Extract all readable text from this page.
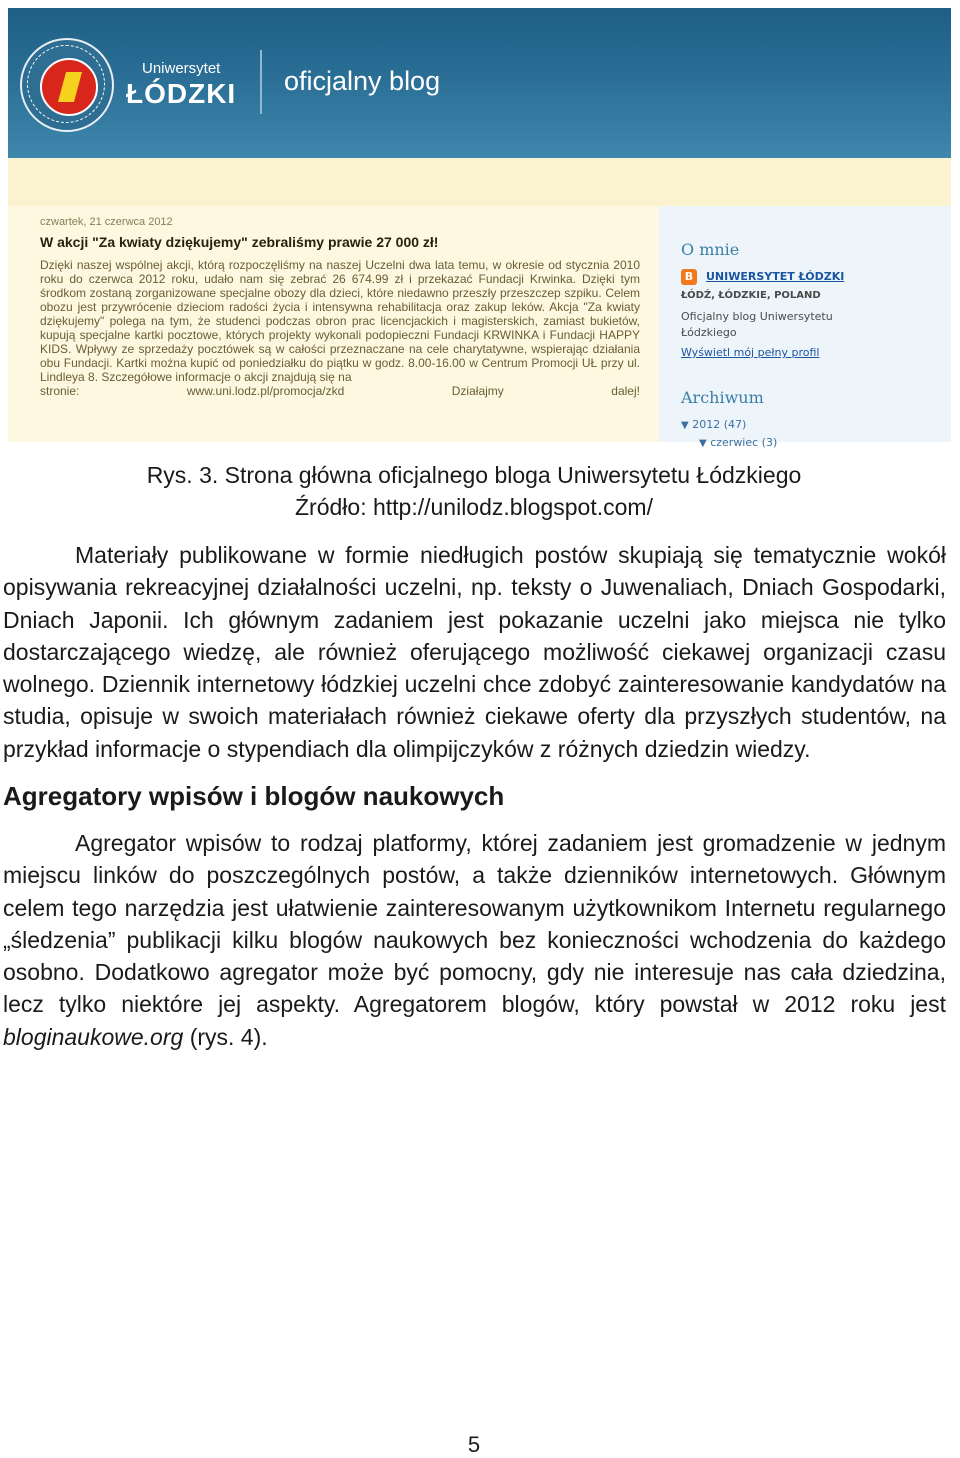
Uniwersytet
ŁÓDZKI oficjalny blog
czwartek, 21 czerwca 2012
W akcji "Za kwiaty dziękujemy" zebraliśmy prawie 27 000 zł!
Dzięki naszej wspólnej akcji, którą rozpoczęliśmy na naszej Uczelni dwa lata temu, w okresie od stycznia 2010 roku do czerwca 2012 roku, udało nam się zebrać 26 674.99 zł i przekazać Fundacji Krwinka. Dzięki tym środkom zostaną zorganizowane specjalne obozy dla dzieci, które niedawno przeszły przeszczep szpiku. Celem obozu jest przywrócenie dzieciom radości życia i intensywna rehabilitacja oraz zakup leków. Akcja "Za kwiaty dziękujemy" polega na tym, że studenci podczas obron prac licencjackich i magisterskich, zamiast bukietów, kupują specjalne kartki pocztowe, których projekty wykonali podopieczni Fundacji KRWINKA i Fundacji HAPPY KIDS. Wpływy ze sprzedaży pocztówek są w całości przeznaczane na cele charytatywne, wspierając działania obu Fundacji. Kartki można kupić od poniedziałku do piątku w godz. 8.00-16.00 w Centrum Promocji UŁ przy ul. Lindleya 8. Szczegółowe informacje o akcji znajdują się na
stronie:	www.uni.lodz.pl/promocja/zkd	Działajmy	dalej!
O mnie
B	UNIWERSYTET ŁÓDZKI
ŁÓDŹ, ŁÓDZKIE, POLAND
Oficjalny blog Uniwersytetu
Łódzkiego
Wyświetl mój pełny profil
Archiwum
▼ 2012 (47)
▼ czerwiec (3)
Rys. 3. Strona główna oficjalnego bloga Uniwersytetu Łódzkiego
Źródło: http://unilodz.blogspot.com/

Materiały publikowane w formie niedługich postów skupiają się tematycznie wokół opisywania rekreacyjnej działalności uczelni, np. teksty o Juwenaliach, Dniach Gospodarki, Dniach Japonii. Ich głównym zadaniem jest pokazanie uczelni jako miejsca nie tylko dostarczającego wiedzę, ale również oferującego możliwość ciekawej organizacji czasu wolnego. Dziennik internetowy łódzkiej uczelni chce zdobyć zainteresowanie kandydatów na studia, opisuje w swoich materiałach również ciekawe oferty dla przyszłych studentów, na przykład informacje o stypendiach dla olimpijczyków z różnych dziedzin wiedzy.

Agregatory wpisów i blogów naukowych

Agregator wpisów to rodzaj platformy, której zadaniem jest gromadzenie w jednym miejscu linków do poszczególnych postów, a także dzienników internetowych. Głównym celem tego narzędzia jest ułatwienie zainteresowanym użytkownikom Internetu regularnego „śledzenia” publikacji kilku blogów naukowych bez konieczności wchodzenia do każdego osobno. Dodatkowo agregator może być pomocny, gdy nie interesuje nas cała dziedzina, lecz tylko niektóre jej aspekty. Agregatorem blogów, który powstał w 2012 roku jest bloginaukowe.org (rys. 4).

5
